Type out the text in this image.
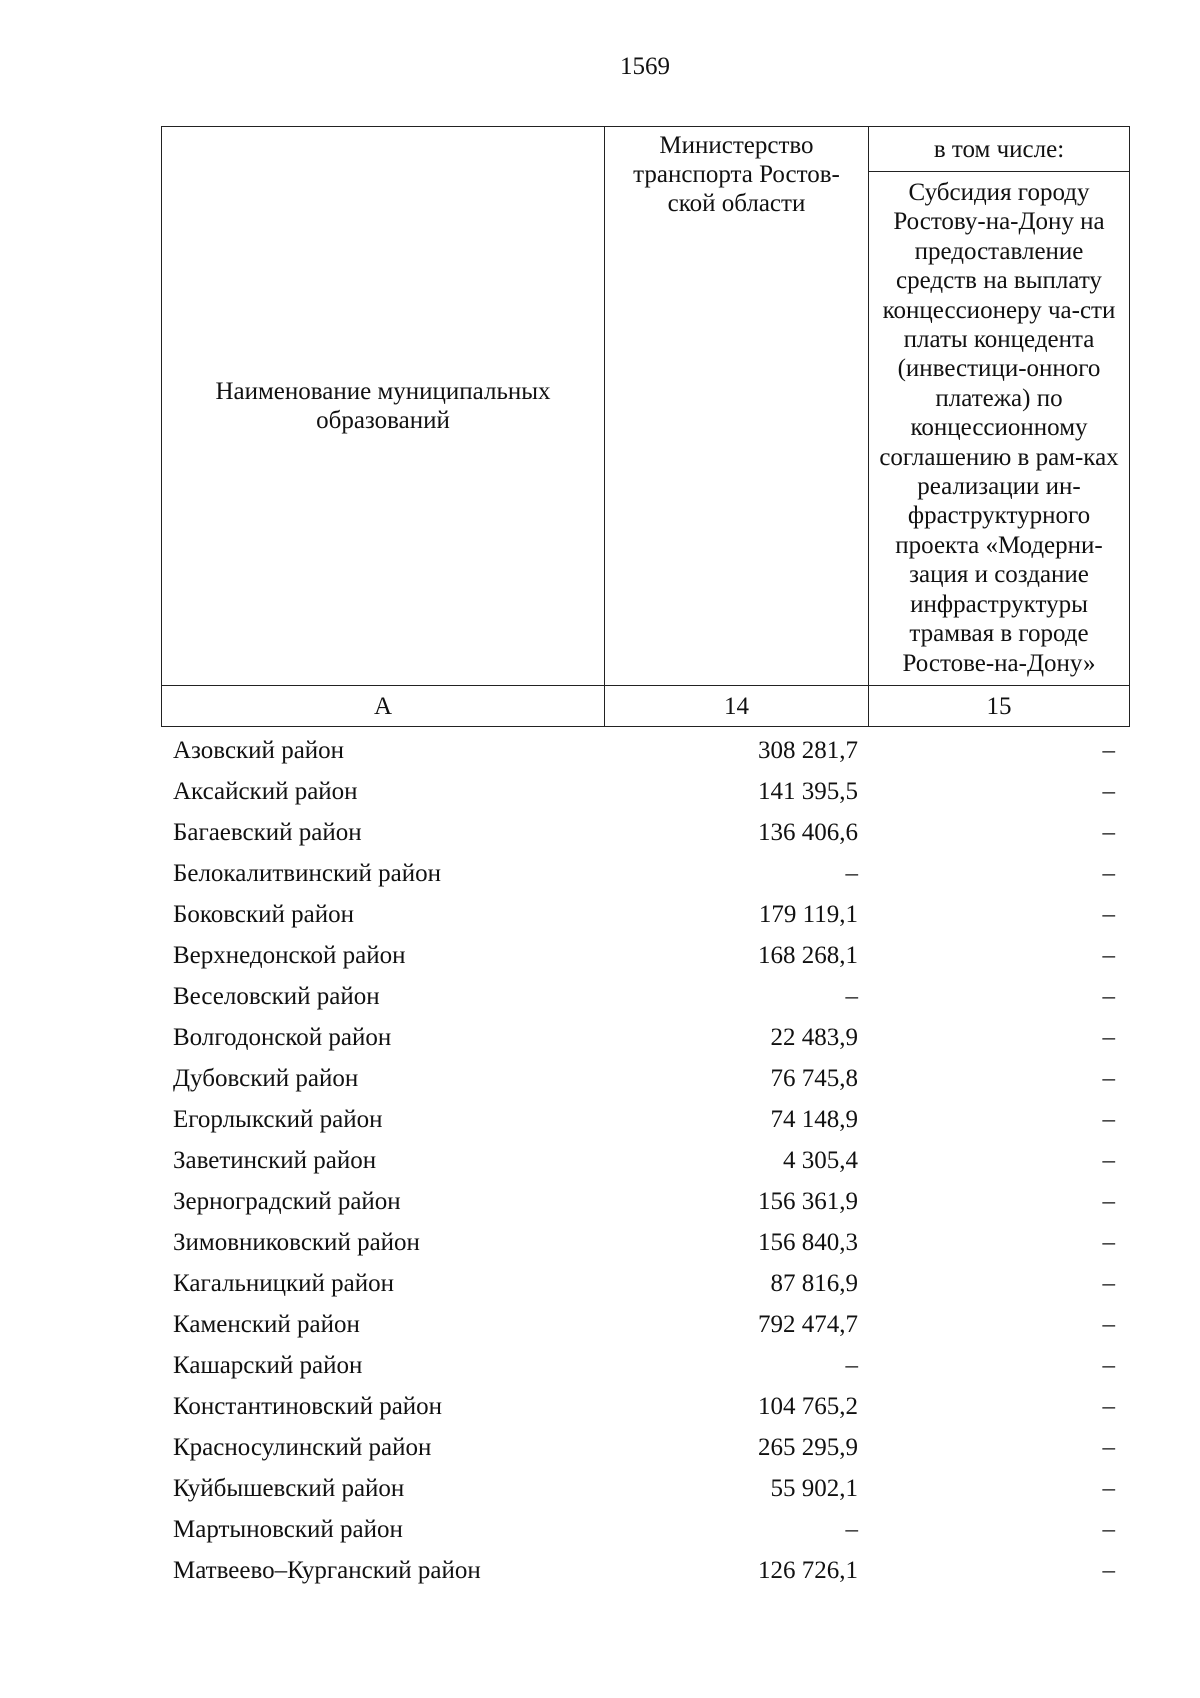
1569
Наименование муниципальных образований	Министерство транспорта Ростов-ской области	в том числе:

		Субсидия городу Ростову-на-Дону на предоставление средств на выплату концессионеру ча-сти платы концедента (инвестици-онного платежа) по концессионному соглашению в рам-ках реализации ин-фраструктурного проекта «Модерни-зация и создание инфраструктуры трамвая в городе Ростове-на-Дону»

А	14	15
Азовский район	308 281,7	–
Аксайский район	141 395,5	–
Багаевский район	136 406,6	–
Белокалитвинский район	–	–
Боковский район	179 119,1	–
Верхнедонской район	168 268,1	–
Веселовский район	–	–
Волгодонской район	22 483,9	–
Дубовский район	76 745,8	–
Егорлыкский район	74 148,9	–
Заветинский район	4 305,4	–
Зерноградский район	156 361,9	–
Зимовниковский район	156 840,3	–
Кагальницкий район	87 816,9	–
Каменский район	792 474,7	–
Кашарский район	–	–
Константиновский район	104 765,2	–
Красносулинский район	265 295,9	–
Куйбышевский район	55 902,1	–
Мартыновский район	–	–
Матвеево–Курганский район	126 726,1	–
